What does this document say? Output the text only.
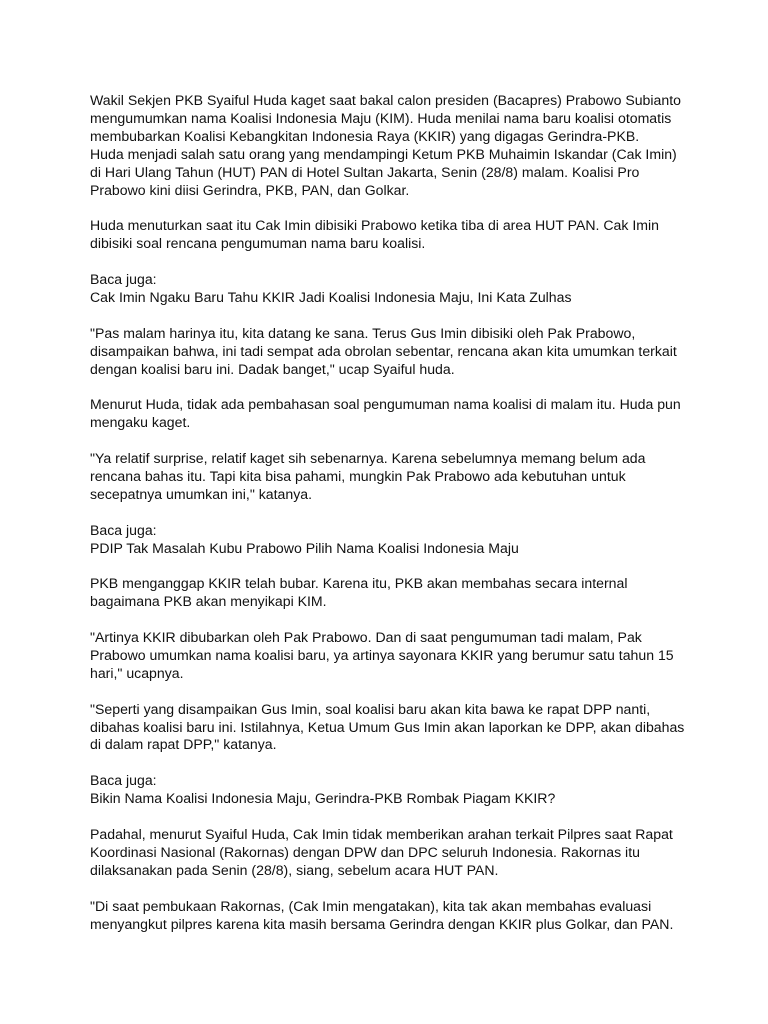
Wakil Sekjen PKB Syaiful Huda kaget saat bakal calon presiden (Bacapres) Prabowo Subianto
mengumumkan nama Koalisi Indonesia Maju (KIM). Huda menilai nama baru koalisi otomatis
membubarkan Koalisi Kebangkitan Indonesia Raya (KKIR) yang digagas Gerindra-PKB.
Huda menjadi salah satu orang yang mendampingi Ketum PKB Muhaimin Iskandar (Cak Imin)
di Hari Ulang Tahun (HUT) PAN di Hotel Sultan Jakarta, Senin (28/8) malam. Koalisi Pro
Prabowo kini diisi Gerindra, PKB, PAN, dan Golkar.

Huda menuturkan saat itu Cak Imin dibisiki Prabowo ketika tiba di area HUT PAN. Cak Imin
dibisiki soal rencana pengumuman nama baru koalisi.

Baca juga:
Cak Imin Ngaku Baru Tahu KKIR Jadi Koalisi Indonesia Maju, Ini Kata Zulhas

"Pas malam harinya itu, kita datang ke sana. Terus Gus Imin dibisiki oleh Pak Prabowo,
disampaikan bahwa, ini tadi sempat ada obrolan sebentar, rencana akan kita umumkan terkait
dengan koalisi baru ini. Dadak banget," ucap Syaiful huda.

Menurut Huda, tidak ada pembahasan soal pengumuman nama koalisi di malam itu. Huda pun
mengaku kaget.

"Ya relatif surprise, relatif kaget sih sebenarnya. Karena sebelumnya memang belum ada
rencana bahas itu. Tapi kita bisa pahami, mungkin Pak Prabowo ada kebutuhan untuk
secepatnya umumkan ini," katanya.

Baca juga:
PDIP Tak Masalah Kubu Prabowo Pilih Nama Koalisi Indonesia Maju

PKB menganggap KKIR telah bubar. Karena itu, PKB akan membahas secara internal
bagaimana PKB akan menyikapi KIM.

"Artinya KKIR dibubarkan oleh Pak Prabowo. Dan di saat pengumuman tadi malam, Pak
Prabowo umumkan nama koalisi baru, ya artinya sayonara KKIR yang berumur satu tahun 15
hari," ucapnya.

"Seperti yang disampaikan Gus Imin, soal koalisi baru akan kita bawa ke rapat DPP nanti,
dibahas koalisi baru ini. Istilahnya, Ketua Umum Gus Imin akan laporkan ke DPP, akan dibahas
di dalam rapat DPP," katanya.

Baca juga:
Bikin Nama Koalisi Indonesia Maju, Gerindra-PKB Rombak Piagam KKIR?

Padahal, menurut Syaiful Huda, Cak Imin tidak memberikan arahan terkait Pilpres saat Rapat
Koordinasi Nasional (Rakornas) dengan DPW dan DPC seluruh Indonesia. Rakornas itu
dilaksanakan pada Senin (28/8), siang, sebelum acara HUT PAN.

"Di saat pembukaan Rakornas, (Cak Imin mengatakan), kita tak akan membahas evaluasi
menyangkut pilpres karena kita masih bersama Gerindra dengan KKIR plus Golkar, dan PAN.
